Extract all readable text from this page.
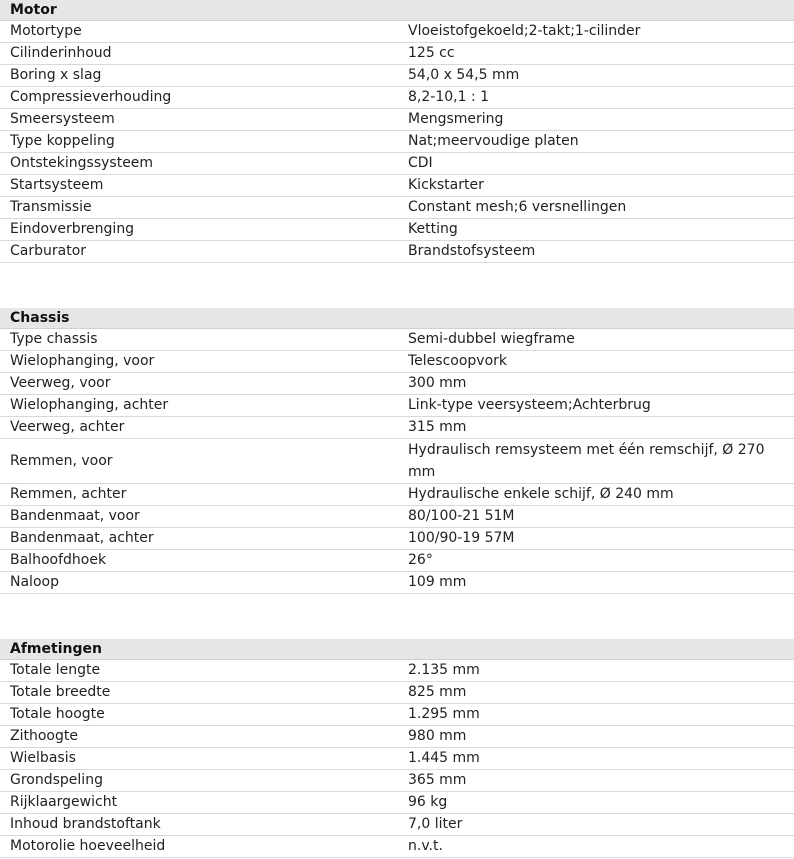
Motor
Motortype	Vloeistofgekoeld;2-takt;1-cilinder
Cilinderinhoud	125 cc
Boring x slag	54,0 x 54,5 mm
Compressieverhouding	8,2-10,1 : 1
Smeersysteem	Mengsmering
Type koppeling	Nat;meervoudige platen
Ontstekingssysteem	CDI
Startsysteem	Kickstarter
Transmissie	Constant mesh;6 versnellingen
Eindoverbrenging	Ketting
Carburator	Brandstofsysteem
Chassis
Type chassis	Semi-dubbel wiegframe
Wielophanging, voor	Telescoopvork
Veerweg, voor	300 mm
Wielophanging, achter	Link-type veersysteem;Achterbrug
Veerweg, achter	315 mm
Remmen, voor	Hydraulisch remsysteem met één remschijf, Ø 270 mm
Remmen, achter	Hydraulische enkele schijf, Ø 240 mm
Bandenmaat, voor	80/100-21 51M
Bandenmaat, achter	100/90-19 57M
Balhoofdhoek	26°
Naloop	109 mm
Afmetingen
Totale lengte	2.135 mm
Totale breedte	825 mm
Totale hoogte	1.295 mm
Zithoogte	980 mm
Wielbasis	1.445 mm
Grondspeling	365 mm
Rijklaargewicht	96 kg
Inhoud brandstoftank	7,0 liter
Motorolie hoeveelheid	n.v.t.
